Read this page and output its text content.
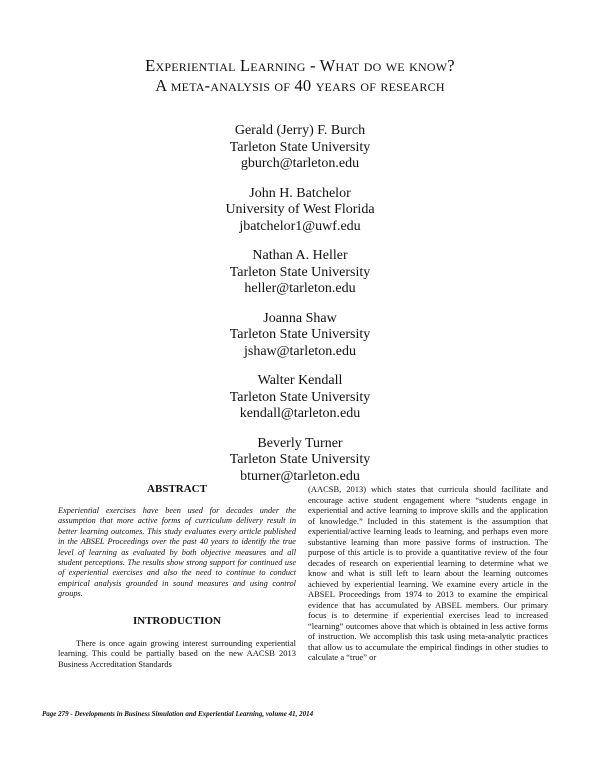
Experiential Learning - What do we know?
A meta-analysis of 40 years of research
Gerald (Jerry) F. Burch
Tarleton State University
gburch@tarleton.edu
John H. Batchelor
University of West Florida
jbatchelor1@uwf.edu
Nathan A. Heller
Tarleton State University
heller@tarleton.edu
Joanna Shaw
Tarleton State University
jshaw@tarleton.edu
Walter Kendall
Tarleton State University
kendall@tarleton.edu
Beverly Turner
Tarleton State University
bturner@tarleton.edu
ABSTRACT

Experiential exercises have been used for decades under the assumption that more active forms of curriculum delivery result in better learning outcomes. This study evaluates every article published in the ABSEL Proceedings over the past 40 years to identify the true level of learning as evaluated by both objective measures and all student perceptions. The results show strong support for continued use of experiential exercises and also the need to continue to conduct empirical analysis grounded in sound measures and using control groups.

INTRODUCTION

There is once again growing interest surrounding experiential learning. This could be partially based on the new AACSB 2013 Business Accreditation Standards

(AACSB, 2013) which states that curricula should facilitate and encourage active student engagement where “students engage in experiential and active learning to improve skills and the application of knowledge.” Included in this statement is the assumption that experiential/active learning leads to learning, and perhaps even more substantive learning than more passive forms of instruction. The purpose of this article is to provide a quantitative review of the four decades of research on experiential learning to determine what we know and what is still left to learn about the learning outcomes achieved by experiential learning. We examine every article in the ABSEL Proceedings from 1974 to 2013 to examine the empirical evidence that has accumulated by ABSEL members. Our primary focus is to determine if experiential exercises lead to increased “learning” outcomes above that which is obtained in less active forms of instruction. We accomplish this task using meta-analytic practices that allow us to accumulate the empirical findings in other studies to calculate a “true” or

Page 279 - Developments in Business Simulation and Experiential Learning, volume 41, 2014
